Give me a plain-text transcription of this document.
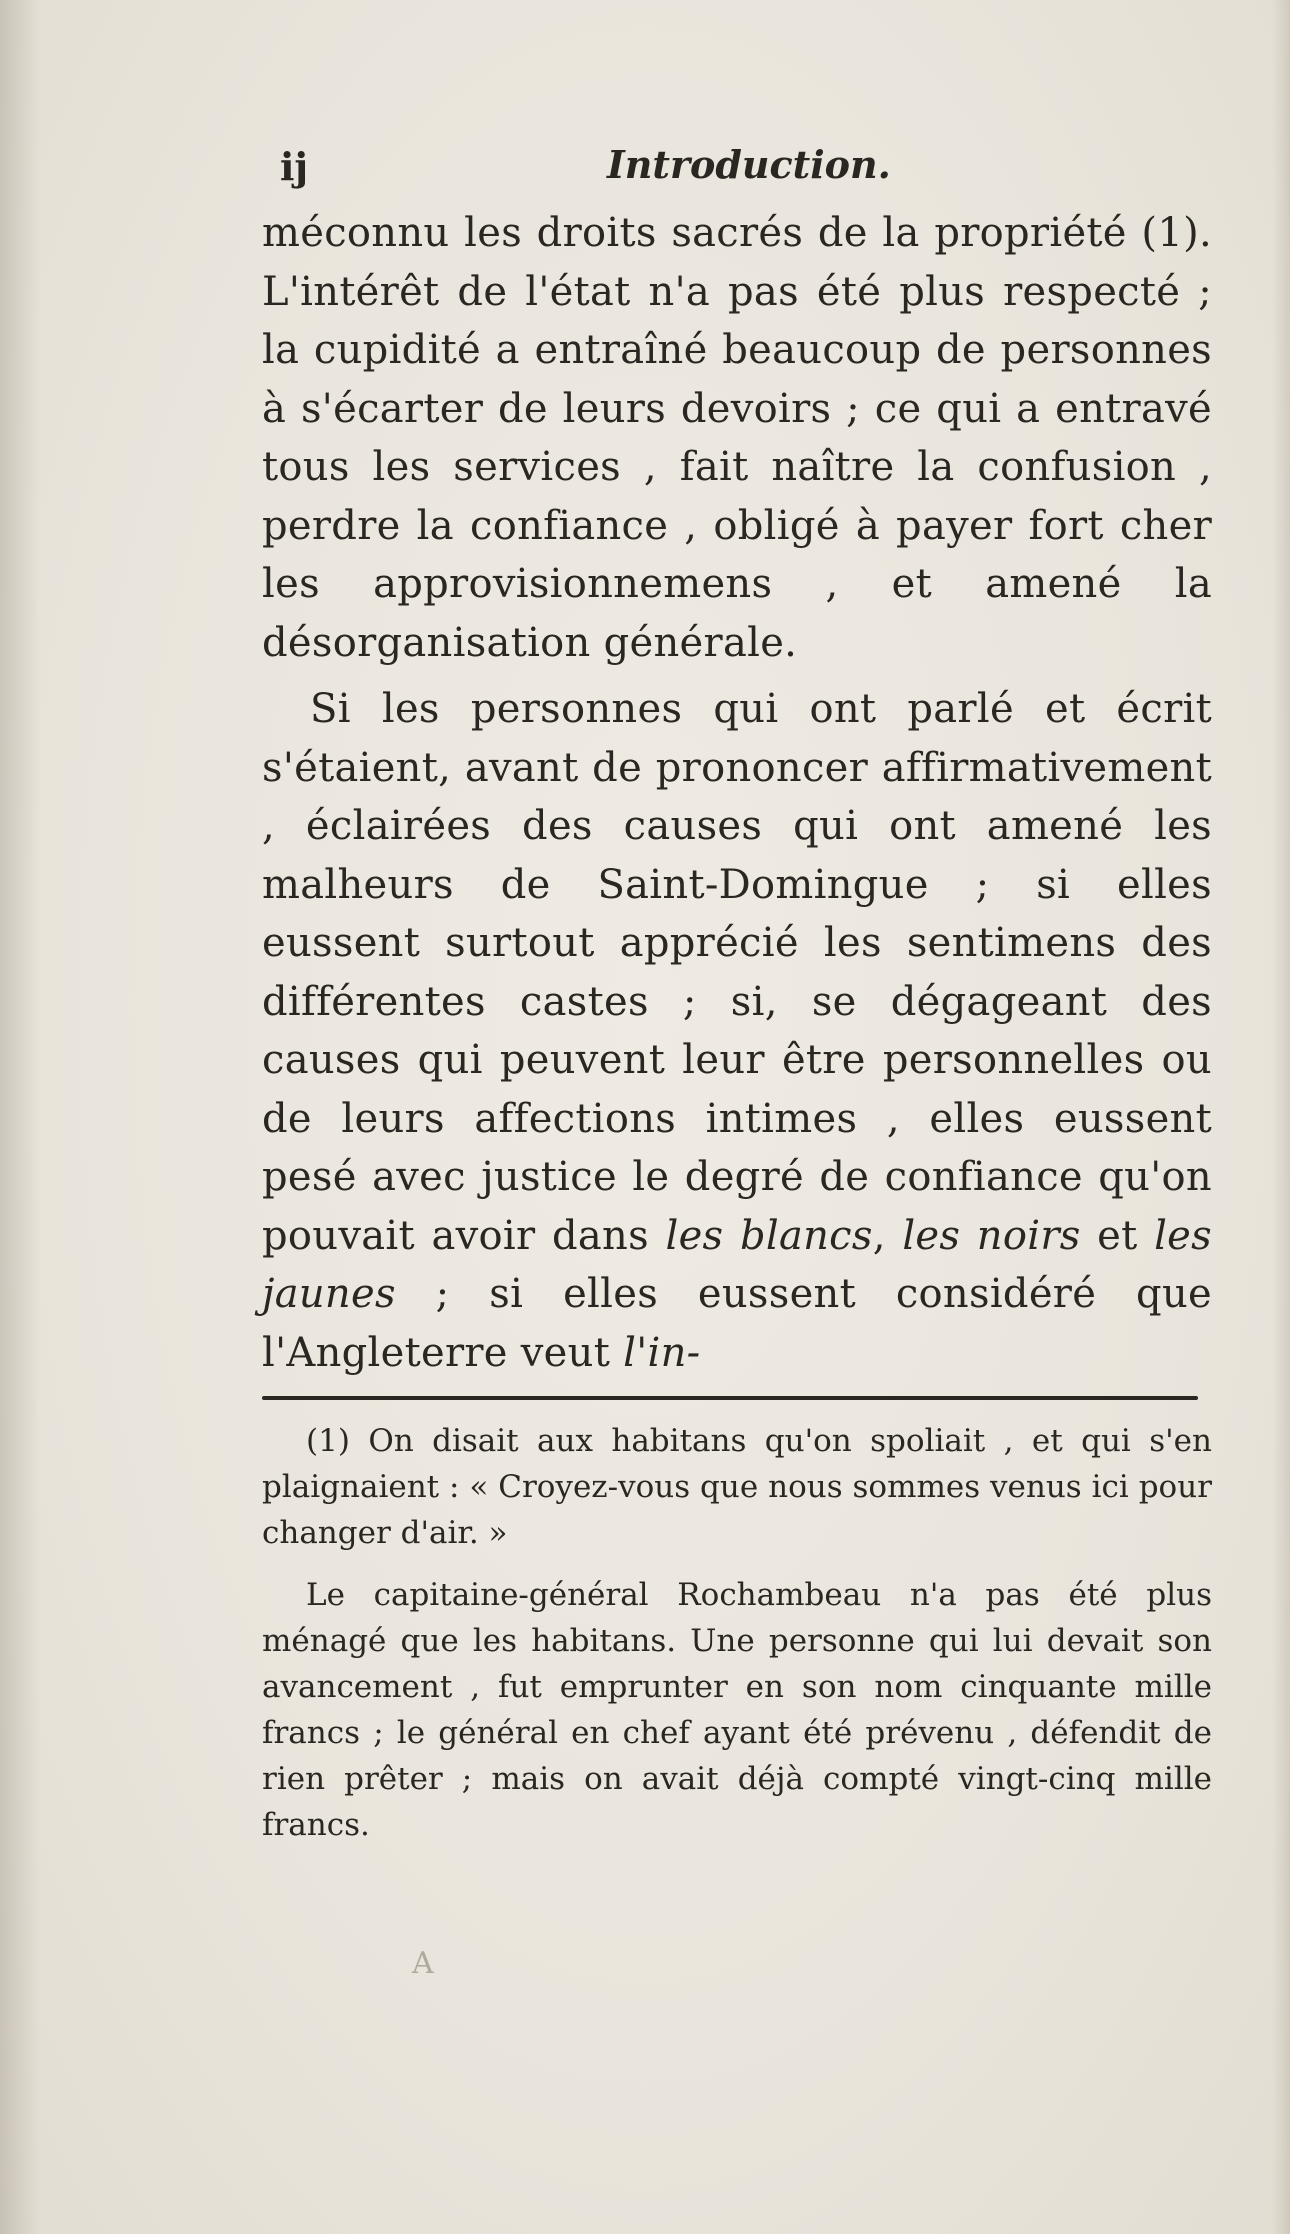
ij	Introduction.

méconnu les droits sacrés de la propriété (1). L'intérêt de l'état n'a pas été plus respecté ; la cupidité a entraîné beaucoup de personnes à s'écarter de leurs devoirs ; ce qui a entravé tous les services , fait naître la confusion , perdre la confiance , obligé à payer fort cher les approvisionnemens , et amené la désorganisation générale.

Si les personnes qui ont parlé et écrit s'étaient, avant de prononcer affirmativement , éclairées des causes qui ont amené les malheurs de Saint-Domingue ; si elles eussent surtout apprécié les sentimens des différentes castes ; si, se dégageant des causes qui peuvent leur être personnelles ou de leurs affections intimes , elles eussent pesé avec justice le degré de confiance qu'on pouvait avoir dans les blancs, les noirs et les jaunes ; si elles eussent considéré que l'Angleterre veut l'in-

(1) On disait aux habitans qu'on spoliait , et qui s'en plaignaient : « Croyez-vous que nous sommes venus ici pour changer d'air. »

Le capitaine-général Rochambeau n'a pas été plus ménagé que les habitans. Une personne qui lui devait son avancement , fut emprunter en son nom cinquante mille francs ; le général en chef ayant été prévenu , défendit de rien prêter ; mais on avait déjà compté vingt-cinq mille francs.

A
